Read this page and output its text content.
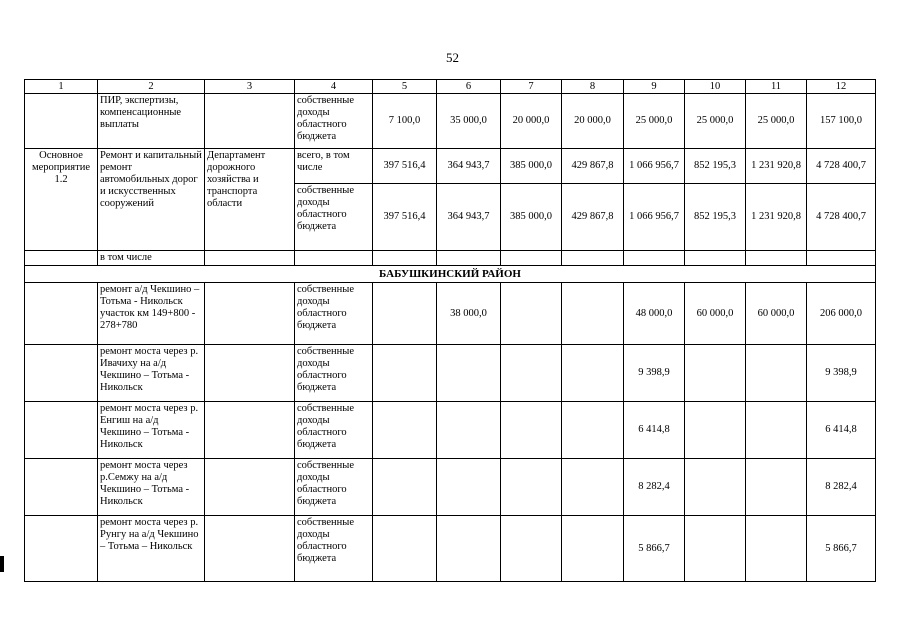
52
1	2	3	4	5	6	7	8	9	10	11	12
	ПИР, экспертизы, компенсационные выплаты		собственные доходы областного бюджета	7 100,0	35 000,0	20 000,0	20 000,0	25 000,0	25 000,0	25 000,0	157 100,0
Основное мероприятие 1.2	Ремонт и капитальный ремонт автомобильных дорог и искусственных сооружений	Департамент дорожного хозяйства и транспорта области	всего, в том числе	397 516,4	364 943,7	385 000,0	429 867,8	1 066 956,7	852 195,3	1 231 920,8	4 728 400,7
			собственные доходы областного бюджета	397 516,4	364 943,7	385 000,0	429 867,8	1 066 956,7	852 195,3	1 231 920,8	4 728 400,7
	в том числе										
БАБУШКИНСКИЙ РАЙОН											
	ремонт а/д Чекшино – Тотьма - Никольск участок км 149+800 - 278+780		собственные доходы областного бюджета		38 000,0			48 000,0	60 000,0	60 000,0	206 000,0
	ремонт моста через р. Ивачиху на а/д Чекшино – Тотьма - Никольск		собственные доходы областного бюджета					9 398,9			9 398,9
	ремонт моста через р. Енгиш на а/д Чекшино – Тотьма - Никольск		собственные доходы областного бюджета					6 414,8			6 414,8
	ремонт моста через р.Семжу на а/д Чекшино – Тотьма - Никольск		собственные доходы областного бюджета					8 282,4			8 282,4
	ремонт моста через р. Рунгу на а/д Чекшино – Тотьма – Никольск		собственные доходы областного бюджета					5 866,7			5 866,7
